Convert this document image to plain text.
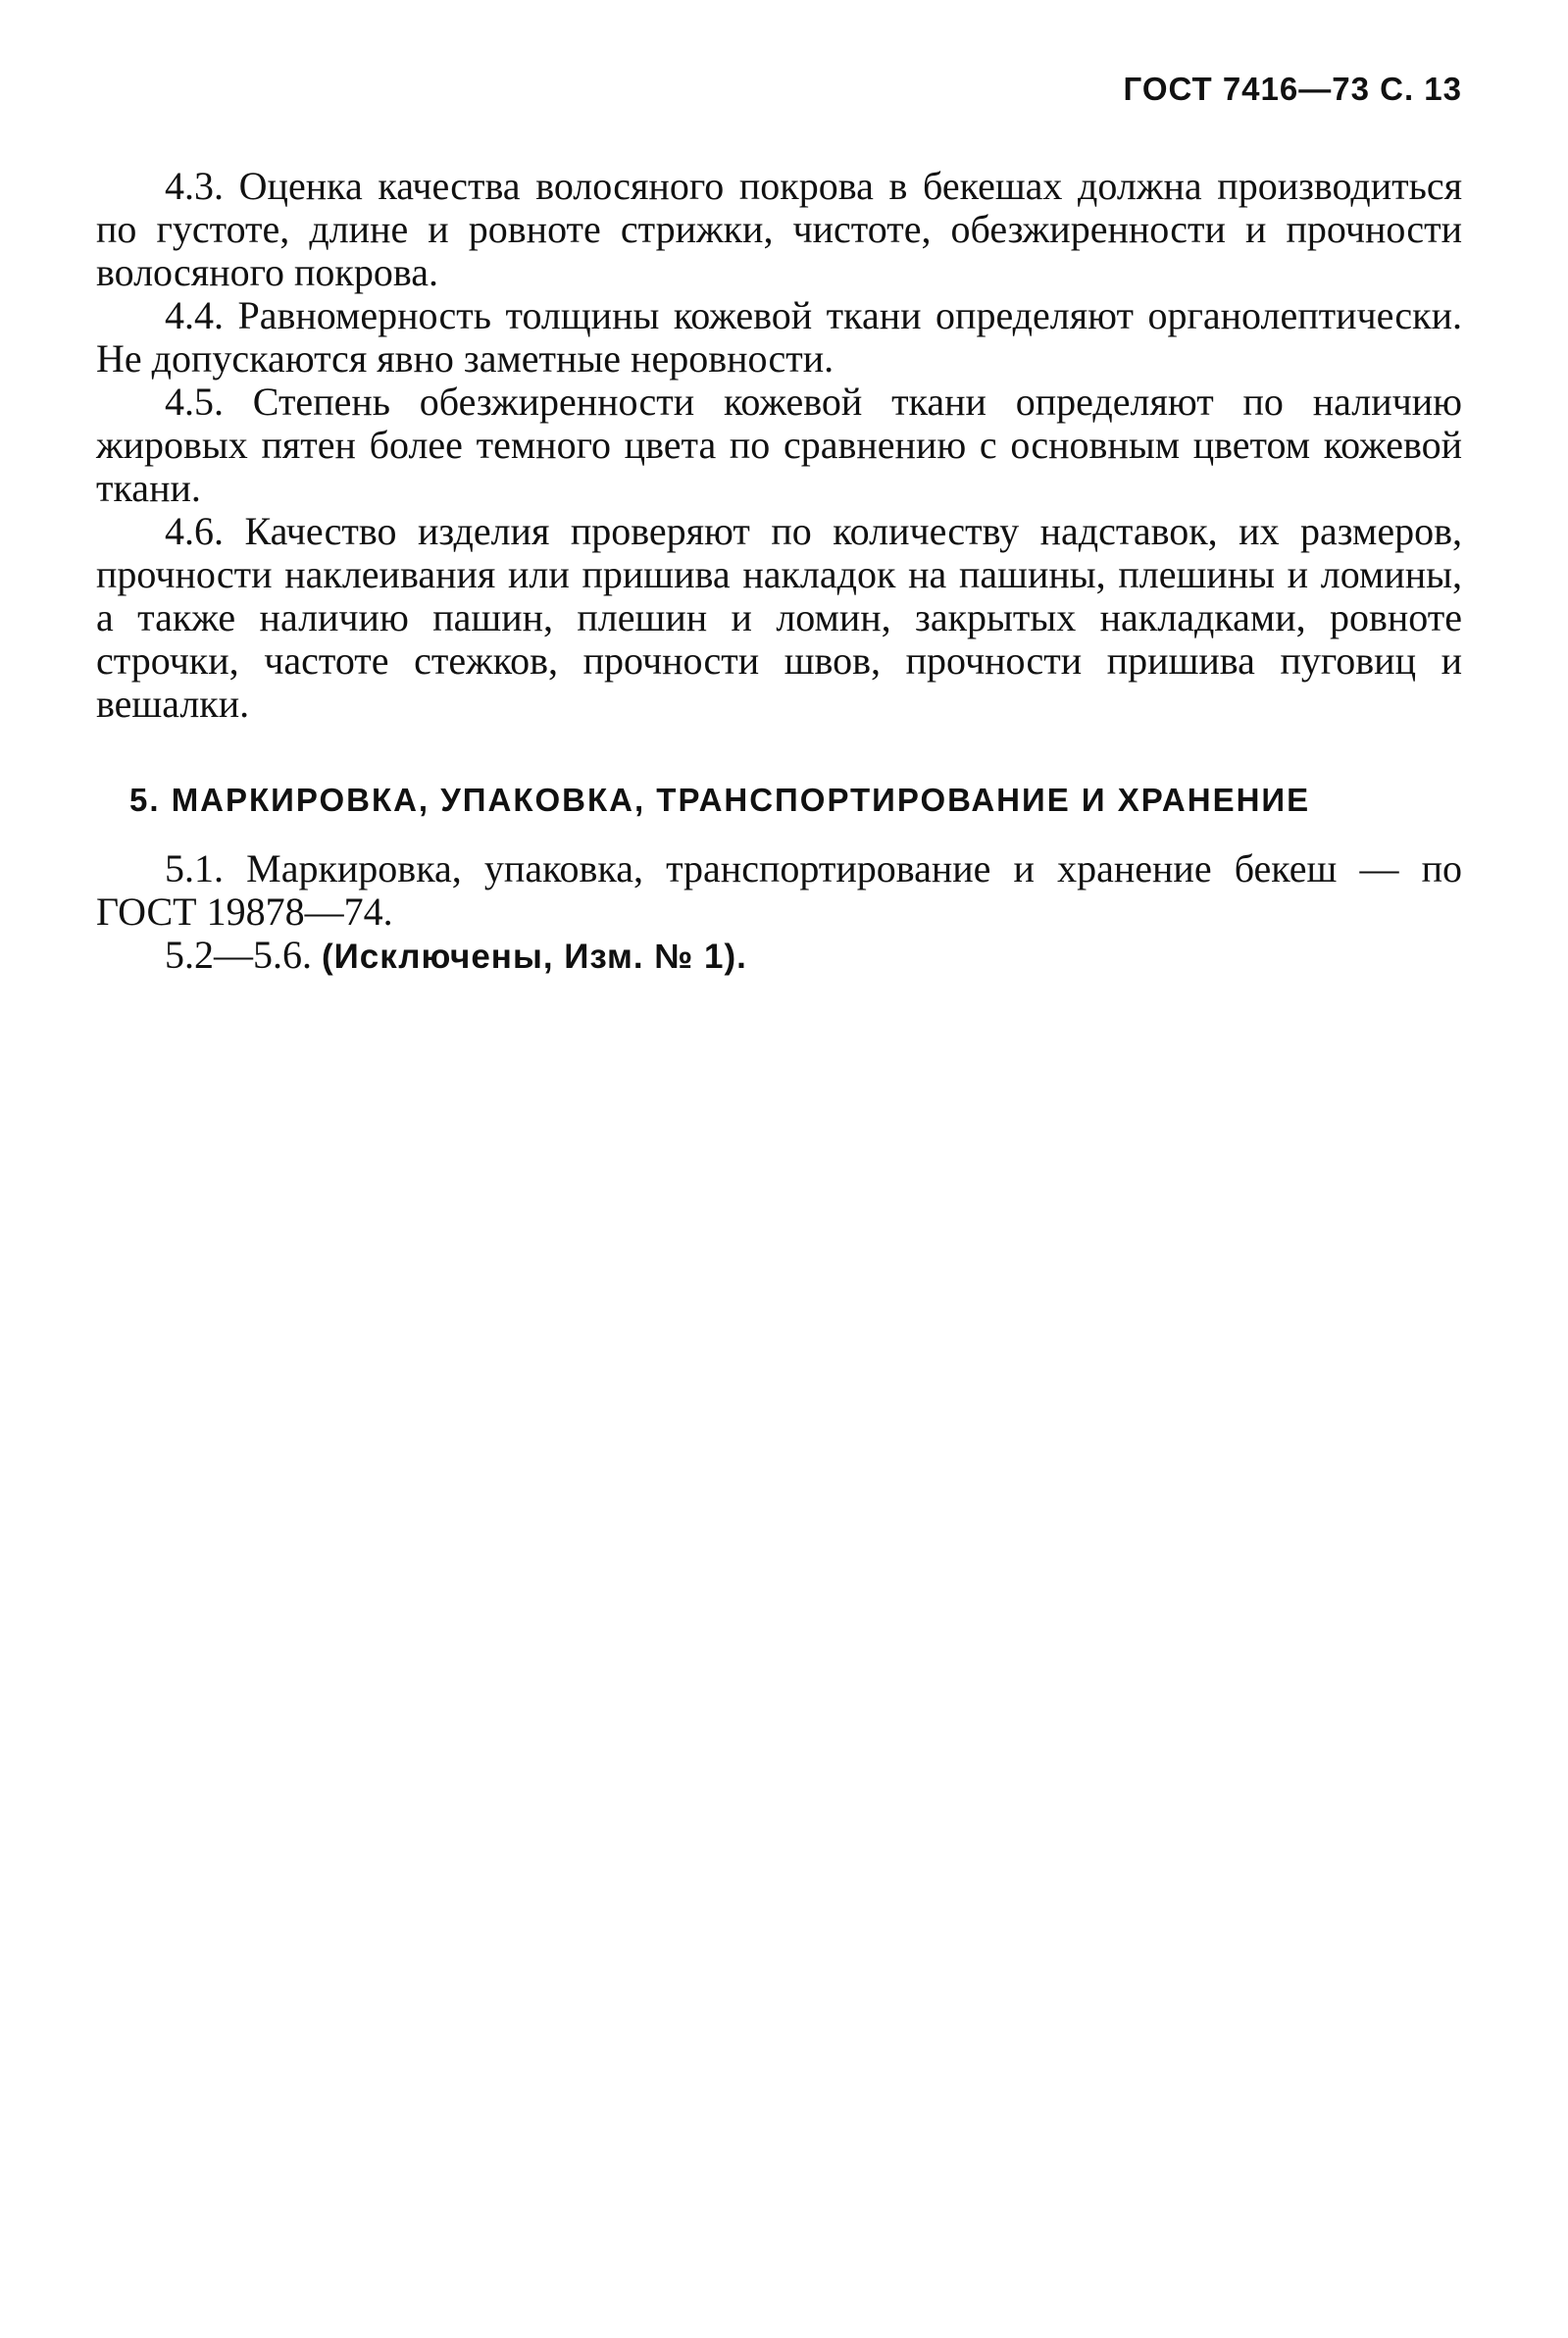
ГОСТ 7416—73 С. 13

4.3. Оценка качества волосяного покрова в бекешах должна производиться по густоте, длине и ровноте стрижки, чистоте, обезжиренности и прочности волосяного покрова.

4.4. Равномерность толщины кожевой ткани определяют органолептически. Не допускаются явно заметные неровности.

4.5. Степень обезжиренности кожевой ткани определяют по наличию жировых пятен более темного цвета по сравнению с основным цветом кожевой ткани.

4.6. Качество изделия проверяют по количеству надставок, их размеров, прочности наклеивания или пришива накладок на пашины, плешины и ломины, а также наличию пашин, плешин и ломин, закрытых накладками, ровноте строчки, частоте стежков, прочности швов, прочности пришива пуговиц и вешалки.

5. МАРКИРОВКА, УПАКОВКА, ТРАНСПОРТИРОВАНИЕ И ХРАНЕНИЕ

5.1. Маркировка, упаковка, транспортирование и хранение бекеш — по ГОСТ 19878—74.

5.2—5.6. (Исключены, Изм. № 1).
